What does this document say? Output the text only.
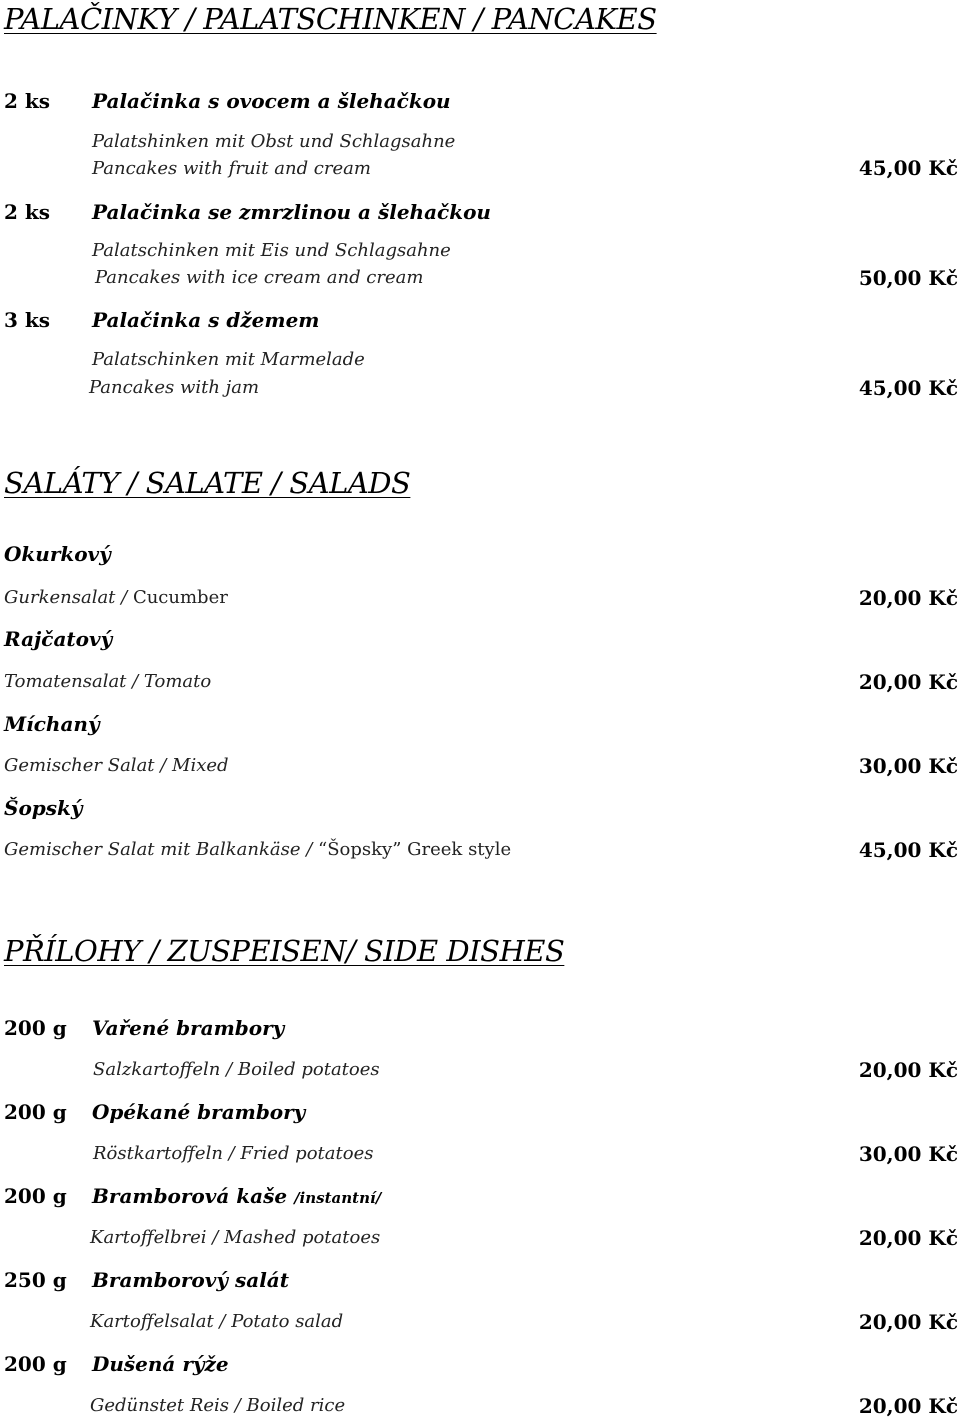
PALAČINKY / PALATSCHINKEN / PANCAKES
2 ks Palačinka s ovocem a šlehačkou
Palatshinken mit Obst und Schlagsahne
Pancakes with fruit and cream	45,00 Kč
2 ks Palačinka se zmrzlinou a šlehačkou
Palatschinken mit Eis und Schlagsahne
Pancakes with ice cream and cream	50,00 Kč
3 ks Palačinka s džemem
Palatschinken mit Marmelade
Pancakes with jam	45,00 Kč
SALÁTY / SALATE / SALADS
Okurkový
Gurkensalat / Cucumber	20,00 Kč
Rajčatový
Tomatensalat / Tomato	20,00 Kč
Míchaný
Gemischer Salat / Mixed	30,00 Kč
Šopský
Gemischer Salat mit Balkankäse / “Šopsky” Greek style	45,00 Kč
PŘÍLOHY / ZUSPEISEN/ SIDE DISHES
200 g Vařené brambory
Salzkartoffeln / Boiled potatoes	20,00 Kč
200 g Opékané brambory
Röstkartoffeln / Fried potatoes	30,00 Kč
200 g Bramborová kaše /instantní/
Kartoffelbrei / Mashed potatoes	20,00 Kč
250 g Bramborový salát
Kartoffelsalat / Potato salad	20,00 Kč
200 g Dušená rýže
Gedünstet Reis / Boiled rice	20,00 Kč
